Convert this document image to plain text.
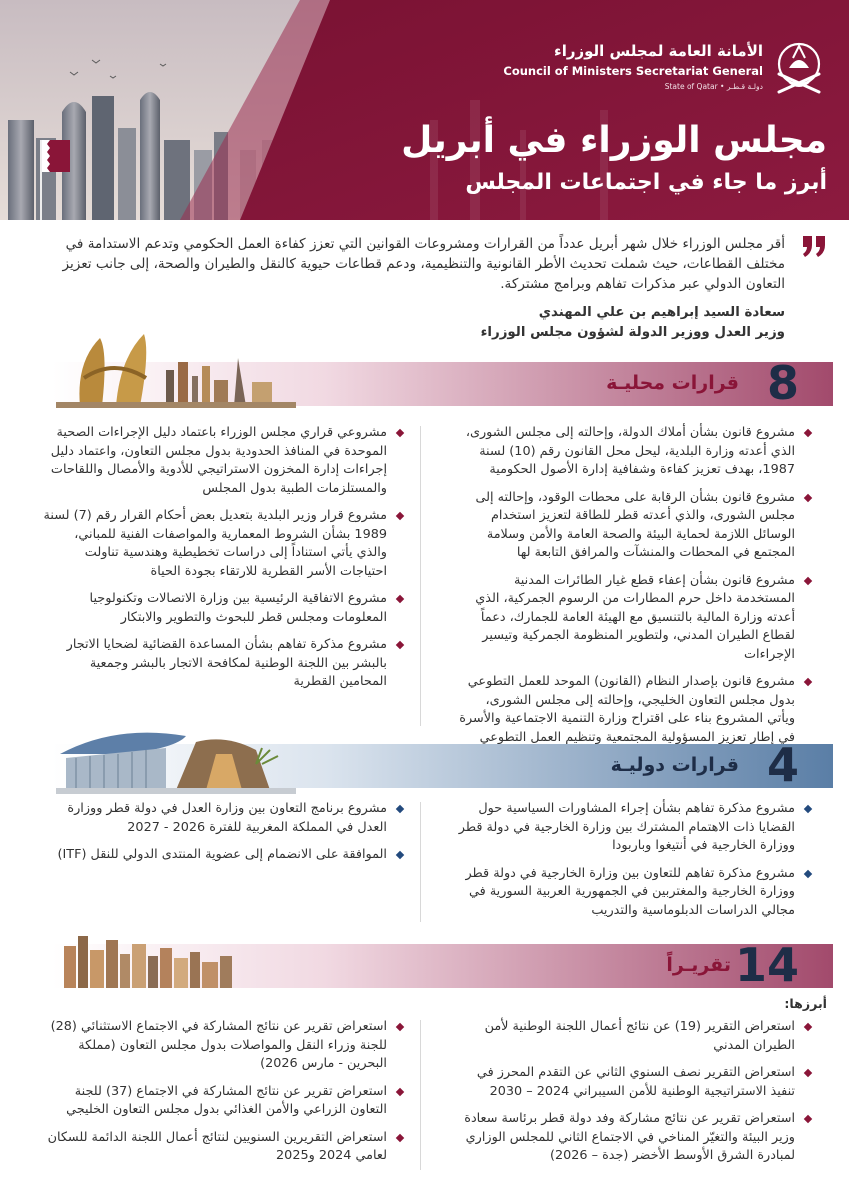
الأمانة العامة لمجلس الوزراء
Council of Ministers Secretariat General
State of Qatar • دولـة قـطـر
مجلس الوزراء في أبريل
أبرز ما جاء في اجتماعات المجلس

أقر مجلس الوزراء خلال شهر أبريل عدداً من القرارات ومشروعات القوانين التي تعزز كفاءة العمل الحكومي وتدعم الاستدامة في مختلف القطاعات، حيث شملت تحديث الأطر القانونية والتنظيمية، ودعم قطاعات حيوية كالنقل والطيران والصحة، إلى جانب تعزيز التعاون الدولي عبر مذكرات تفاهم وبرامج مشتركة.

سعادة السيد إبراهيم بن علي المهندي
وزير العدل ووزير الدولة لشؤون مجلس الوزراء
8
قرارات محليـة
مشروع قانون بشأن أملاك الدولة، وإحالته إلى مجلس الشورى، الذي أعدته وزارة البلدية، ليحل محل القانون رقم (10) لسنة 1987، بهدف تعزيز كفاءة وشفافية إدارة الأصول الحكومية
مشروع قانون بشأن الرقابة على محطات الوقود، وإحالته إلى مجلس الشورى، والذي أعدته قطر للطاقة لتعزيز استخدام الوسائل اللازمة لحماية البيئة والصحة العامة والأمن وسلامة المجتمع في المحطات والمنشآت والمرافق التابعة لها
مشروع قانون بشأن إعفاء قطع غيار الطائرات المدنية المستخدمة داخل حرم المطارات من الرسوم الجمركية، الذي أعدته وزارة المالية بالتنسيق مع الهيئة العامة للجمارك، دعماً لقطاع الطيران المدني، ولتطوير المنظومة الجمركية وتيسير الإجراءات
مشروع قانون بإصدار النظام (القانون) الموحد للعمل التطوعي بدول مجلس التعاون الخليجي، وإحالته إلى مجلس الشورى، ويأتي المشروع بناء على اقتراح وزارة التنمية الاجتماعية والأسرة في إطار تعزيز المسؤولية المجتمعية وتنظيم العمل التطوعي
مشروعي قراري مجلس الوزراء باعتماد دليل الإجراءات الصحية الموحدة في المنافذ الحدودية بدول مجلس التعاون، واعتماد دليل إجراءات إدارة المخزون الاستراتيجي للأدوية والأمصال واللقاحات والمستلزمات الطبية بدول المجلس
مشروع قرار وزير البلدية بتعديل بعض أحكام القرار رقم (7) لسنة 1989 بشأن الشروط المعمارية والمواصفات الفنية للمباني، والذي يأتي استناداً إلى دراسات تخطيطية وهندسية تناولت احتياجات الأسر القطرية للارتقاء بجودة الحياة
مشروع الاتفاقية الرئيسية بين وزارة الاتصالات وتكنولوجيا المعلومات ومجلس قطر للبحوث والتطوير والابتكار
مشروع مذكرة تفاهم بشأن المساعدة القضائية لضحايا الاتجار بالبشر بين اللجنة الوطنية لمكافحة الاتجار بالبشر وجمعية المحامين القطرية
4
قرارات دوليـة
مشروع مذكرة تفاهم بشأن إجراء المشاورات السياسية حول القضايا ذات الاهتمام المشترك بين وزارة الخارجية في دولة قطر ووزارة الخارجية في أنتيغوا وباربودا
مشروع مذكرة تفاهم للتعاون بين وزارة الخارجية في دولة قطر ووزارة الخارجية والمغتربين في الجمهورية العربية السورية في مجالي الدراسات الدبلوماسية والتدريب
مشروع برنامج التعاون بين وزارة العدل في دولة قطر ووزارة العدل في المملكة المغربية للفترة 2026 - 2027
الموافقة على الانضمام إلى عضوية المنتدى الدولي للنقل (ITF)
14
تقريـراً
أبرزها:
استعراض التقرير (19) عن نتائج أعمال اللجنة الوطنية لأمن الطيران المدني
استعراض التقرير نصف السنوي الثاني عن التقدم المحرز في تنفيذ الاستراتيجية الوطنية للأمن السيبراني 2024 – 2030
استعراض تقرير عن نتائج مشاركة وفد دولة قطر برئاسة سعادة وزير البيئة والتغيّر المناخي في الاجتماع الثاني للمجلس الوزاري لمبادرة الشرق الأوسط الأخضر (جدة – 2026)
استعراض تقرير عن نتائج المشاركة في الاجتماع الاستثنائي (28) للجنة وزراء النقل والمواصلات بدول مجلس التعاون (مملكة البحرين - مارس 2026)
استعراض تقرير عن نتائج المشاركة في الاجتماع (37) للجنة التعاون الزراعي والأمن الغذائي بدول مجلس التعاون الخليجي
استعراض التقريرين السنويين لنتائج أعمال اللجنة الدائمة للسكان لعامي 2024 و2025
